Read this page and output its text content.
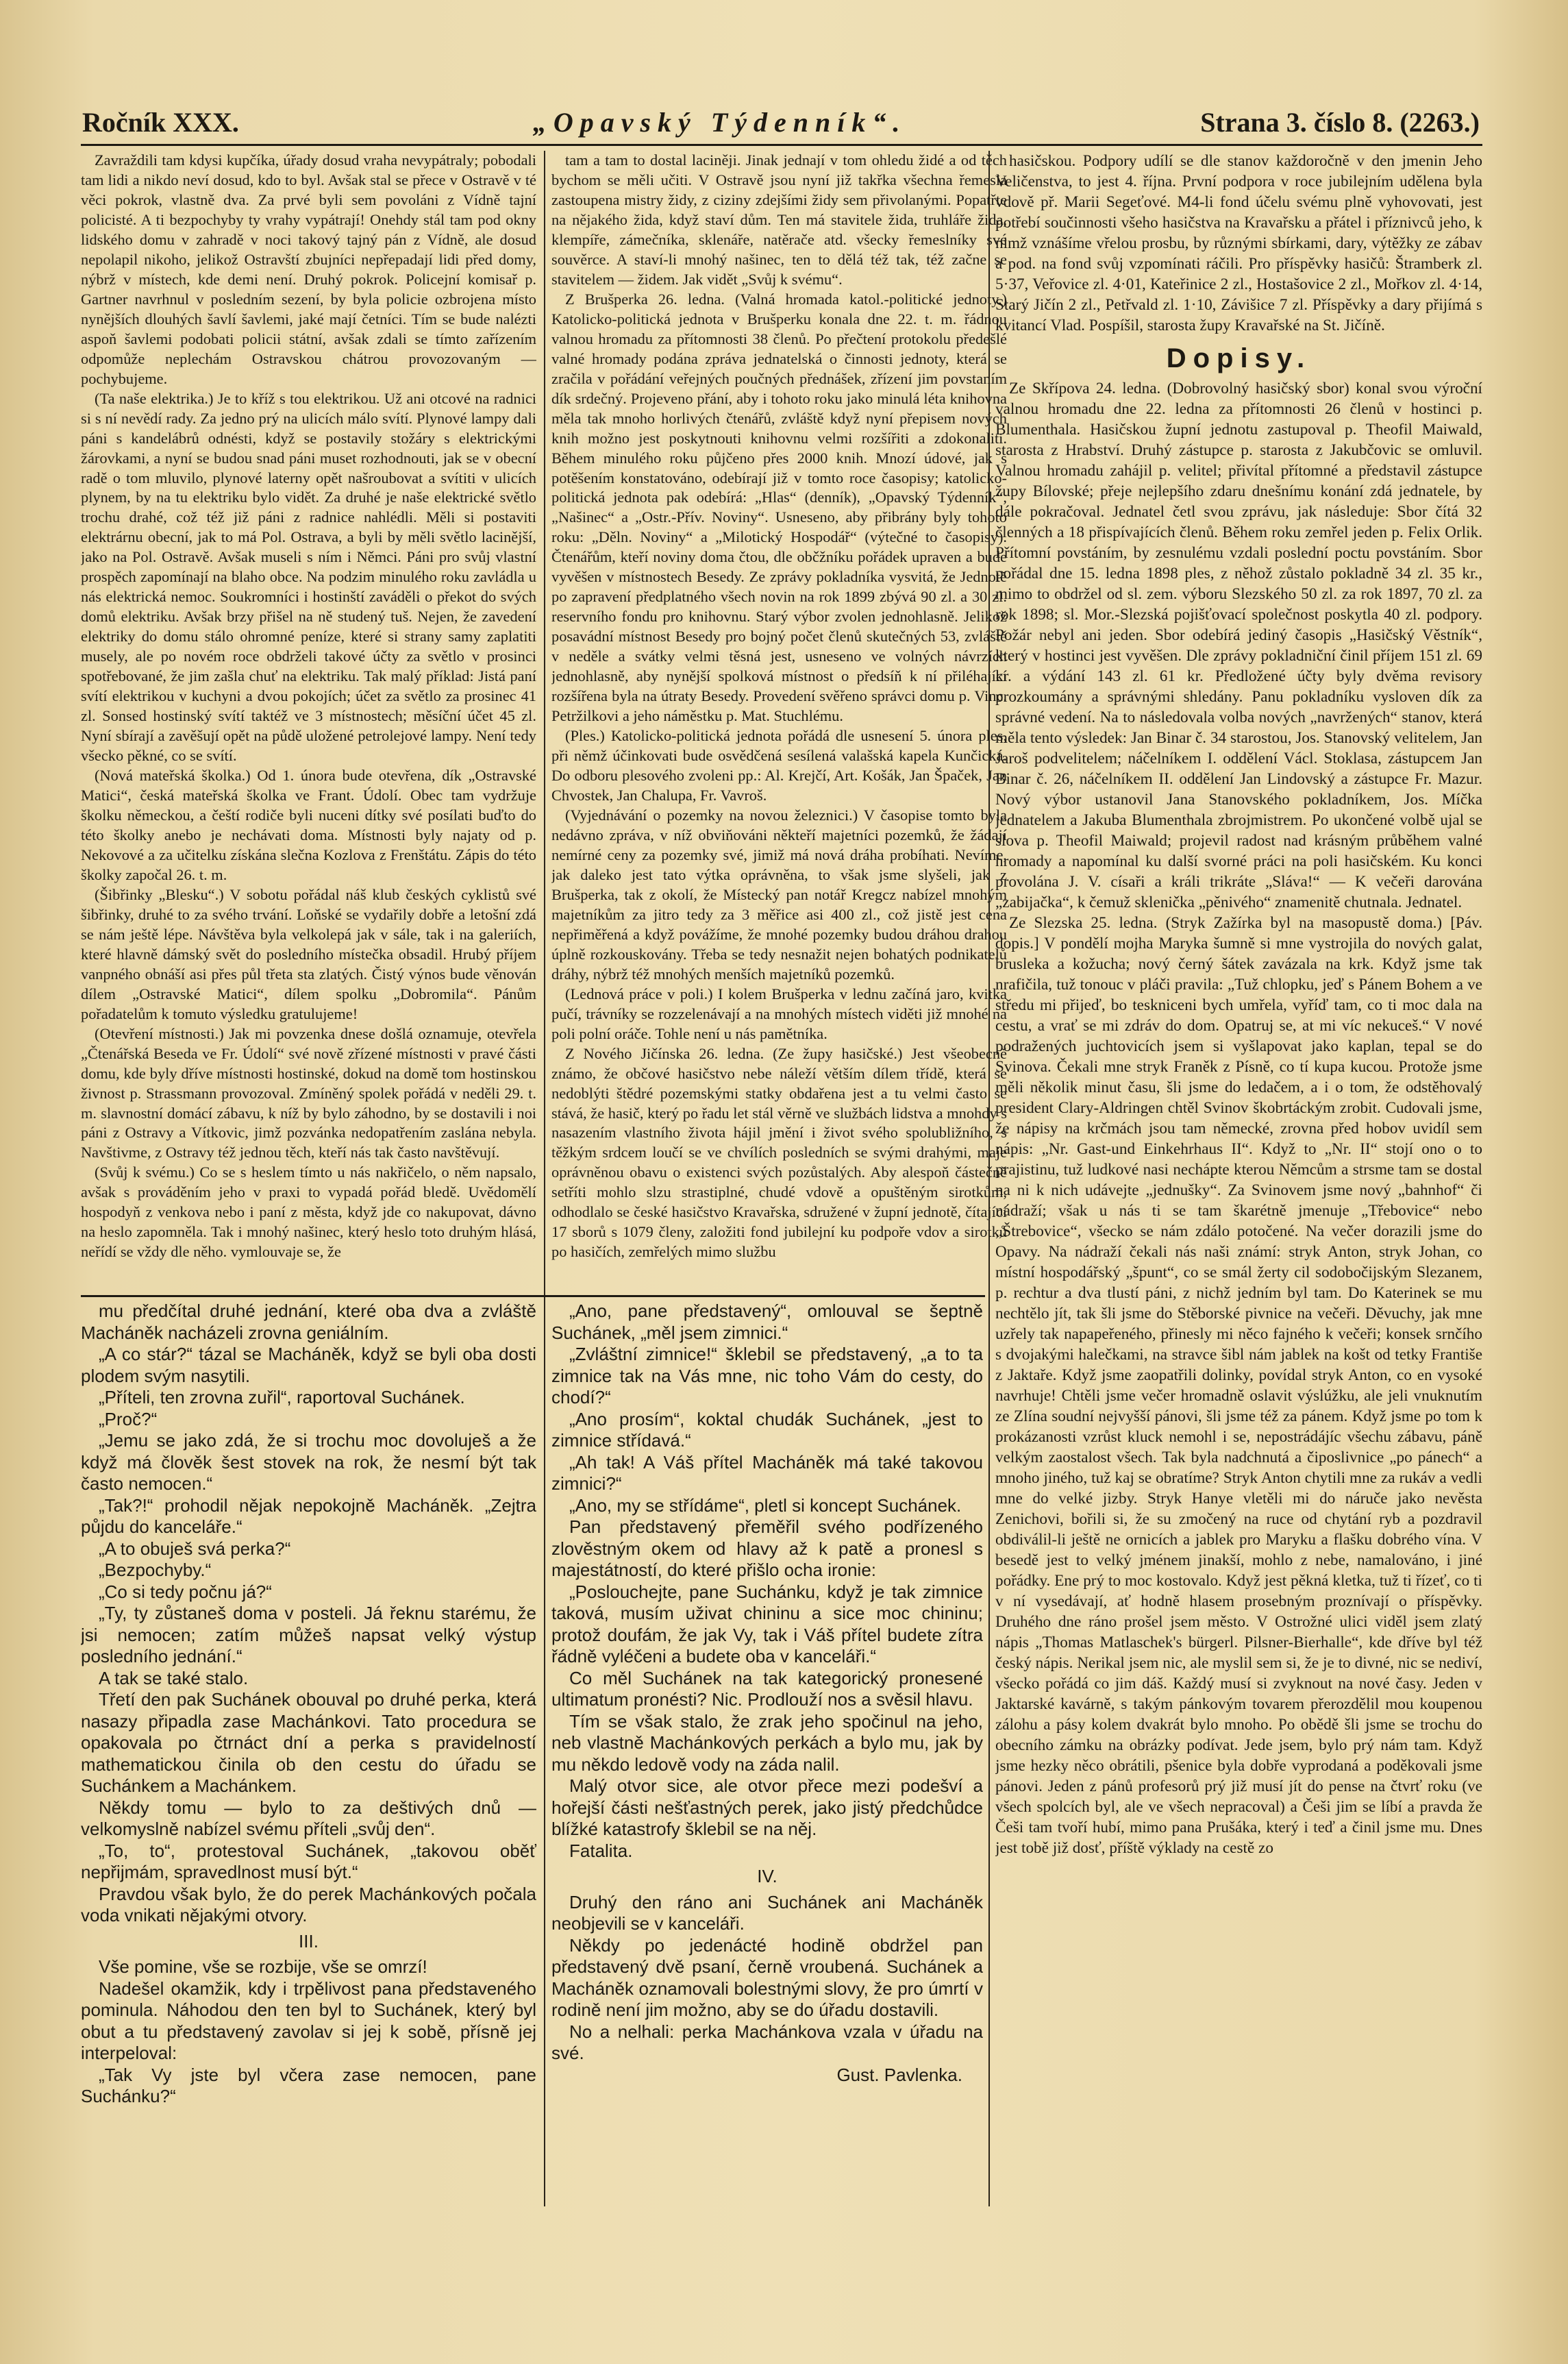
Ročník XXX.	„Opavský Týdenník“.	Strana 3. číslo 8. (2263.)

Zavraždili tam kdysi kupčíka, úřady dosud vraha nevypátraly; pobodali tam lidi a nikdo neví dosud, kdo to byl. Avšak stal se přece v Ostravě v té věci pokrok, vlastně dva. Za prvé byli sem povoláni z Vídně tajní policisté. A ti bezpochyby ty vrahy vypátrají! Onehdy stál tam pod okny lidského domu v zahradě v noci takový tajný pán z Vídně, ale dosud nepolapil nikoho, jelikož Ostravští zbujníci nepřepadají lidi před domy, nýbrž v místech, kde demi není. Druhý pokrok. Policejní komisař p. Gartner navrhnul v posledním sezení, by byla policie ozbrojena místo nynějších dlouhých šavlí šavlemi, jaké mají četníci. Tím se bude nalézti aspoň šavlemi podobati policii státní, avšak zdali se tímto zařízením odpomůže neplechám Ostravskou chátrou provozovaným — pochybujeme.

(Ta naše elektrika.) Je to kříž s tou elektrikou. Už ani otcové na radnici si s ní nevědí rady. Za jedno prý na ulicích málo svítí. Plynové lampy dali páni s kandelábrů odnésti, když se postavily stožáry s elektrickými žárovkami, a nyní se budou snad páni muset rozhodnouti, jak se v obecní radě o tom mluvilo, plynové laterny opět našroubovat a svítiti v ulicích plynem, by na tu elektriku bylo vidět. Za druhé je naše elektrické světlo trochu drahé, což též již páni z radnice nahlédli. Měli si postaviti elektrárnu obecní, jak to má Pol. Ostrava, a byli by měli světlo lacinější, jako na Pol. Ostravě. Avšak museli s ním i Němci. Páni pro svůj vlastní prospěch zapomínají na blaho obce. Na podzim minulého roku zavládla u nás elektrická nemoc. Soukromníci i hostinští zaváděli o překot do svých domů elektriku. Avšak brzy přišel na ně studený tuš. Nejen, že zavedení elektriky do domu stálo ohromné peníze, které si strany samy zaplatiti musely, ale po novém roce obdrželi takové účty za světlo v prosinci spotřebované, že jim zašla chuť na elektriku. Tak malý příklad: Jistá paní svítí elektrikou v kuchyni a dvou pokojích; účet za světlo za prosinec 41 zl. Sonsed hostinský svítí taktéž ve 3 místnostech; měsíční účet 45 zl. Nyní sbírají a zavěšují opět na půdě uložené petrolejové lampy. Není tedy všecko pěkné, co se svítí.

(Nová mateřská školka.) Od 1. února bude otevřena, dík „Ostravské Matici“, česká mateřská školka ve Frant. Údolí. Obec tam vydržuje školku německou, a čeští rodiče byli nuceni dítky své posílati buďto do této školky anebo je nechávati doma. Místnosti byly najaty od p. Nekovové a za učitelku získána slečna Kozlova z Frenštátu. Zápis do této školky započal 26. t. m.

(Šibřinky „Blesku“.) V sobotu pořádal náš klub českých cyklistů své šibřinky, druhé to za svého trvání. Loňské se vydařily dobře a letošní zdá se nám ještě lépe. Návštěva byla velkolepá jak v sále, tak i na galeriích, které hlavně dámský svět do posledního místečka obsadil. Hrubý příjem vanpného obnáší asi přes půl třeta sta zlatých. Čistý výnos bude věnován dílem „Ostravské Matici“, dílem spolku „Dobromila“. Pánům pořadatelům k tomuto výsledku gratulujeme!

(Otevření místnosti.) Jak mi povzenka dnese došlá oznamuje, otevřela „Čtenářská Beseda ve Fr. Údolí“ své nově zřízené místnosti v pravé části domu, kde byly dříve místnosti hostinské, dokud na domě tom hostinskou živnost p. Strassmann provozoval. Zmíněný spolek pořádá v neděli 29. t. m. slavnostní domácí zábavu, k níž by bylo záhodno, by se dostavili i noi páni z Ostravy a Vítkovic, jimž pozvánka nedopatřením zaslána nebyla. Navštivme, z Ostravy též jednou těch, kteří nás tak často navštěvují.

(Svůj k svému.) Co se s heslem tímto u nás nakřičelo, o něm napsalo, avšak s prováděním jeho v praxi to vypadá pořád bledě. Uvědomělí hospodyň z venkova nebo i paní z města, když jde co nakupovat, dávno na heslo zapomněla. Tak i mnohý našinec, který heslo toto druhým hlásá, neřídí se vždy dle něho. vymlouvaje se, že

tam a tam to dostal laciněji. Jinak jednají v tom ohledu židé a od těch bychom se měli učiti. V Ostravě jsou nyní již takřka všechna řemesla zastoupena mistry židy, z ciziny zdejšími židy sem přivolanými. Popatřte na nějakého žida, když staví dům. Ten má stavitele žida, truhláře žida, klempíře, zámečníka, sklenáře, natěrače atd. všecky řemeslníky své souvěrce. A staví-li mnohý našinec, ten to dělá též tak, též začne se stavitelem — židem. Jak vidět „Svůj k svému“.

Z Brušperka 26. ledna. (Valná hromada katol.-politické jednoty.) Katolicko-politická jednota v Brušperku konala dne 22. t. m. řádnou valnou hromadu za přítomnosti 38 členů. Po přečtení protokolu předešlé valné hromady podána zpráva jednatelská o činnosti jednoty, která se zračila v pořádání veřejných poučných přednášek, zřízení jim povstaním dík srdečný. Projeveno přání, aby i tohoto roku jako minulá léta knihovna měla tak mnoho horlivých čtenářů, zvláště když nyní přepisem nových knih možno jest poskytnouti knihovnu velmi rozšířiti a zdokonaliti. Během minulého roku půjčeno přes 2000 knih. Mnozí údové, jak s potěšením konstatováno, odebírají již v tomto roce časopisy; katolicko-politická jednota pak odebírá: „Hlas“ (denník), „Opavský Týdenník“, „Našinec“ a „Ostr.-Přív. Noviny“. Usneseno, aby přibrány byly tohoto roku: „Děln. Noviny“ a „Milotický Hospodář“ (výtečné to časopisy). Čtenářům, kteří noviny doma čtou, dle občžníku pořádek upraven a bude vyvěšen v místnostech Besedy. Ze zprávy pokladníka vysvitá, že Jednotě po zapravení předplatného všech novin na rok 1899 zbývá 90 zl. a 30 zl. reservního fondu pro knihovnu. Starý výbor zvolen jednohlasně. Jelikož posavádní místnost Besedy pro bojný počet členů skutečných 53, zvláště v neděle a svátky velmi těsná jest, usneseno ve volných návrzích jednohlasně, aby nynější spolková místnost o předsíň k ní přiléhající rozšířena byla na útraty Besedy. Provedení svěřeno správci domu p. Vinc. Petržilkovi a jeho náměstku p. Mat. Stuchlému.

(Ples.) Katolicko-politická jednota pořádá dle usnesení 5. února ples, při němž účinkovati bude osvědčená sesílená valašská kapela Kunčická. Do odboru plesového zvoleni pp.: Al. Krejčí, Art. Košák, Jan Špaček, Jan Chvostek, Jan Chalupa, Fr. Vavroš.

(Vyjednávání o pozemky na novou železnici.) V časopise tomto byla nedávno zpráva, v níž obviňováni někteří majetníci pozemků, že žádají nemírné ceny za pozemky své, jimiž má nová dráha probíhati. Nevíme, jak daleko jest tato výtka oprávněna, to však jsme slyšeli, jak z Brušperka, tak z okolí, že Místecký pan notář Kregcz nabízel mnohým majetníkům za jitro tedy za 3 měřice asi 400 zl., což jistě jest cena nepřiměřená a když povážíme, že mnohé pozemky budou dráhou drahou úplně rozkouskovány. Třeba se tedy nesnažit nejen bohatých podnikatelů dráhy, nýbrž též mnohých menších majetníků pozemků.

(Lednová práce v poli.) I kolem Brušperka v lednu začíná jaro, kvitka pučí, trávníky se rozzelenávají a na mnohých místech viděti již mnohé na poli polní oráče. Tohle není u nás pamětníka.

Z Nového Jičínska 26. ledna. (Ze župy hasičské.) Jest všeobecně známo, že občové hasičstvo nebe náleží větším dílem třídě, která se nedoblýti štědré pozemskými statky obdařena jest a tu velmi často se stává, že hasič, který po řadu let stál věrně ve službách lidstva a mnohdy s nasazením vlastního života hájil jmění i život svého spolubližního, s těžkým srdcem loučí se ve chvílích posledních se svými drahými, maje oprávněnou obavu o existenci svých pozůstalých. Aby alespoň částečně setříti mohlo slzu strastiplné, chudé vdově a opuštěným sirotkům, odhodlalo se české hasičstvo Kravařska, sdružené v župní jednotě, čítající 17 sborů s 1079 členy, založiti fond jubilejní ku podpoře vdov a sirotků po hasičích, zemřelých mimo službu

hasičskou. Podpory udílí se dle stanov každoročně v den jmenin Jeho Veličenstva, to jest 4. října. První podpora v roce jubilejním udělena byla vdově př. Marii Segeťové. M4-li fond účelu svému plně vyhovovati, jest potřebí součinnosti všeho hasičstva na Kravařsku a přátel i příznivců jeho, k nimž vznášíme vřelou prosbu, by různými sbírkami, dary, výtěžky ze zábav a pod. na fond svůj vzpomínati ráčili. Pro příspěvky hasičů: Štramberk zl. 5·37, Veřovice zl. 4·01, Kateřinice 2 zl., Hostašovice 2 zl., Mořkov zl. 4·14, Starý Jičín 2 zl., Petřvald zl. 1·10, Závišice 7 zl. Příspěvky a dary přijímá s kvitancí Vlad. Pospíšil, starosta župy Kravařské na St. Jičíně.

Dopisy.

Ze Skřípova 24. ledna. (Dobrovolný hasičský sbor) konal svou výroční valnou hromadu dne 22. ledna za přítomnosti 26 členů v hostinci p. Blumenthala. Hasičskou župní jednotu zastupoval p. Theofil Maiwald, starosta z Hrabství. Druhý zástupce p. starosta z Jakubčovic se omluvil. Valnou hromadu zahájil p. velitel; přivítal přítomné a představil zástupce župy Bílovské; přeje nejlepšího zdaru dnešnímu konání zdá jednatele, by dále pokračoval. Jednatel četl svou zprávu, jak následuje: Sbor čítá 32 členných a 18 přispívajících členů. Během roku zemřel jeden p. Felix Orlik. Přítomní povstáním, by zesnulému vzdali poslední poctu povstáním. Sbor pořádal dne 15. ledna 1898 ples, z něhož zůstalo pokladně 34 zl. 35 kr., mimo to obdržel od sl. zem. výboru Slezského 50 zl. za rok 1897, 70 zl. za rok 1898; sl. Mor.-Slezská pojišťovací společnost poskytla 40 zl. podpory. Požár nebyl ani jeden. Sbor odebírá jediný časopis „Hasičský Věstník“, který v hostinci jest vyvěšen. Dle zprávy pokladniční činil příjem 151 zl. 69 kr. a výdání 143 zl. 61 kr. Předložené účty byly dvěma revisory prozkoumány a správnými shledány. Panu pokladníku vysloven dík za správné vedení. Na to následovala volba nových „navržených“ stanov, která měla tento výsledek: Jan Binar č. 34 starostou, Jos. Stanovský velitelem, Jan Jaroš podvelitelem; náčelníkem I. oddělení Václ. Stoklasa, zástupcem Jan Binar č. 26, náčelníkem II. oddělení Jan Lindovský a zástupce Fr. Mazur. Nový výbor ustanovil Jana Stanovského pokladníkem, Jos. Míčka jednatelem a Jakuba Blumenthala zbrojmistrem. Po ukončené volbě ujal se slova p. Theofil Maiwald; projevil radost nad krásným průběhem valné hromady a napomínal ku další svorné práci na poli hasičském. Ku konci provolána J. V. císaři a králi trikráte „Sláva!“ — K večeři darována „zabijačka“, k čemuž sklenička „pěnivého“ znamenitě chutnala. Jednatel.

Ze Slezska 25. ledna. (Stryk Zažírka byl na masopustě doma.) [Páv. dopis.] V pondělí mojha Maryka šumně si mne vystrojila do nových galat, brusleka a kožucha; nový černý šátek zavázala na krk. Když jsme tak nrafičila, tuž tonouc v pláči pravila: „Tuž chlopku, jeď s Pánem Bohem a ve středu mi přijeď, bo teskniceni bych umřela, vyříď tam, co ti moc dala na cestu, a vrať se mi zdráv do dom. Opatruj se, at mi víc nekuceš.“ V nové podražených juchtovicích jsem si vyšlapovat jako kaplan, tepal se do Svinova. Čekali mne stryk Franěk z Písně, co tí kupa kucou. Protože jsme měli několik minut času, šli jsme do ledačem, a i o tom, že odstěhovalý president Clary-Aldringen chtěl Svinov škobrtáckým zrobit. Cudovali jsme, že nápisy na krčmách jsou tam německé, zrovna před hobov uvidíl sem nápis: „Nr. Gast-und Einkehrhaus II“. Když to „Nr. II“ stojí ono o to prajistinu, tuž ludkové nasi nechápte kterou Němcům a strsme tam se dostal na ni k nich udávejte „jednušky“. Za Svinovem jsme nový „bahnhof“ či nádraží; však u nás ti se tam škarétně jmenuje „Třebovice“ nebo „Štrebovice“, všecko se nám zdálo potočené. Na večer dorazili jsme do Opavy. Na nádraží čekali nás naši známí: stryk Anton, stryk Johan, co místní hospodářský „špunt“, co se smál žerty cil sodobočijským Slezanem, p. rechtur a dva tlustí páni, z nichž jedním byl tam. Do Katerinek se mu nechtělo jít, tak šli jsme do Stěborské pivnice na večeři. Děvuchy, jak mne uzřely tak napapeřeného, přinesly mi něco fajného k večeři; konsek srnčího s dvojakými halečkami, na stravce šibl nám jablek na košt od tetky Františe z Jaktaře. Když jsme zaopatřili dolinky, povídal stryk Anton, co en vysoké navrhuje! Chtěli jsme večer hromadně oslavit výslúžku, ale jeli vnuknutím ze Zlína soudní nejvyšší pánovi, šli jsme též za pánem. Když jsme po tom k prokázanosti vzrůst kluck nemohl i se, nepostrádájíc všechu zábavu, páně velkým zaostalost všech. Tak byla nadchnutá a čiposlivnice „po pánech“ a mnoho jiného, tuž kaj se obratíme? Stryk Anton chytili mne za rukáv a vedli mne do velké jizby. Stryk Hanye vletěli mi do náruče jako nevěsta Zenichovi, bořili si, že su zmočený na ruce od chytání ryb a pozdravil obdiválil-li ještě ne ornicích a jablek pro Maryku a flašku dobrého vína. V besedě jest to velký jménem jinakší, mohlo z nebe, namalováno, i jiné pořádky. Ene prý to moc kostovalo. Když jest pěkná kletka, tuž ti řízeť, co ti v ní vysedávají, ať hodně hlasem prosebným proznívají o příspěvky. Druhého dne ráno prošel jsem město. V Ostrožné ulici viděl jsem zlatý nápis „Thomas Matlaschek's bürgerl. Pilsner-Bierhalle“, kde dříve byl též český nápis. Nerikal jsem nic, ale myslil sem si, že je to divné, nic se nediví, všecko pořádá co jim dáš. Každý musí si zvyknout na nové časy. Jeden v Jaktarské kavárně, s takým pánkovým tovarem přerozdělil mou koupenou zálohu a pásy kolem dvakrát bylo mnoho. Po obědě šli jsme se trochu do obecního zámku na obrázky podívat. Jede jsem, bylo prý nám tam. Když jsme hezky něco obrátili, pšenice byla dobře vyprodaná a poděkovali jsme pánovi. Jeden z pánů profesorů prý již musí jít do pense na čtvrť roku (ve všech spolcích byl, ale ve všech nepracoval) a Češi jim se líbí a pravda že Češi tam tvoří hubí, mimo pana Prušáka, který i teď a činil jsme mu. Dnes jest tobě již dosť, příště výklady na cestě zo

mu předčítal druhé jednání, které oba dva a zvláště Macháněk nacházeli zrovna geniálním.

„A co stár?“ tázal se Macháněk, když se byli oba dosti plodem svým nasytili.

„Příteli, ten zrovna zuřil“, raportoval Suchánek.

„Proč?“

„Jemu se jako zdá, že si trochu moc dovoluješ a že když má člověk šest stovek na rok, že nesmí být tak často nemocen.“

„Tak?!“ prohodil nějak nepokojně Macháněk. „Zejtra půjdu do kanceláře.“

„A to obuješ svá perka?“

„Bezpochyby.“

„Co si tedy počnu já?“

„Ty, ty zůstaneš doma v posteli. Já řeknu starému, že jsi nemocen; zatím můžeš napsat velký výstup posledního jednání.“

A tak se také stalo.

Třetí den pak Suchánek obouval po druhé perka, která nasazy připadla zase Machánkovi. Tato procedura se opakovala po čtrnáct dní a perka s pravidelností mathematickou činila ob den cestu do úřadu se Suchánkem a Machánkem.

Někdy tomu — bylo to za deštivých dnů — velkomyslně nabízel svému příteli „svůj den“.

„To, to“, protestoval Suchánek, „takovou oběť nepřijmám, spravedlnost musí být.“

Pravdou však bylo, že do perek Machánkových počala voda vnikati nějakými otvory.

III.

Vše pomine, vše se rozbije, vše se omrzí!

Nadešel okamžik, kdy i trpělivost pana představeného pominula. Náhodou den ten byl to Suchánek, který byl obut a tu představený zavolav si jej k sobě, přísně jej interpeloval:

„Tak Vy jste byl včera zase nemocen, pane Suchánku?“

„Ano, pane představený“, omlouval se šeptně Suchánek, „měl jsem zimnici.“

„Zvláštní zimnice!“ šklebil se představený, „a to ta zimnice tak na Vás mne, nic toho Vám do cesty, do chodí?“

„Ano prosím“, koktal chudák Suchánek, „jest to zimnice střídavá.“

„Ah tak! A Váš přítel Macháněk má také takovou zimnici?“

„Ano, my se střídáme“, pletl si koncept Suchánek.

Pan představený přeměřil svého podřízeného zlověstným okem od hlavy až k patě a pronesl s majestátností, do které přišlo ocha ironie:

„Poslouchejte, pane Suchánku, když je tak zimnice taková, musím uživat chininu a sice moc chininu; protož doufám, že jak Vy, tak i Váš přítel budete zítra řádně vyléčeni a budete oba v kanceláři.“

Co měl Suchánek na tak kategorický pronesené ultimatum pronésti? Nic. Prodlouží nos a svěsil hlavu.

Tím se však stalo, že zrak jeho spočinul na jeho, neb vlastně Machánkových perkách a bylo mu, jak by mu někdo ledově vody na záda nalil.

Malý otvor sice, ale otvor přece mezi podešví a hořejší části nešťastných perek, jako jistý předchůdce blížké katastrofy šklebil se na něj.

Fatalita.

IV.

Druhý den ráno ani Suchánek ani Macháněk neobjevili se v kanceláři.

Někdy po jedenácté hodině obdržel pan představený dvě psaní, černě vroubená. Suchánek a Macháněk oznamovali bolestnými slovy, že pro úmrtí v rodině není jim možno, aby se do úřadu dostavili.

No a nelhali: perka Machánkova vzala v úřadu na své.

Gust. Pavlenka.
